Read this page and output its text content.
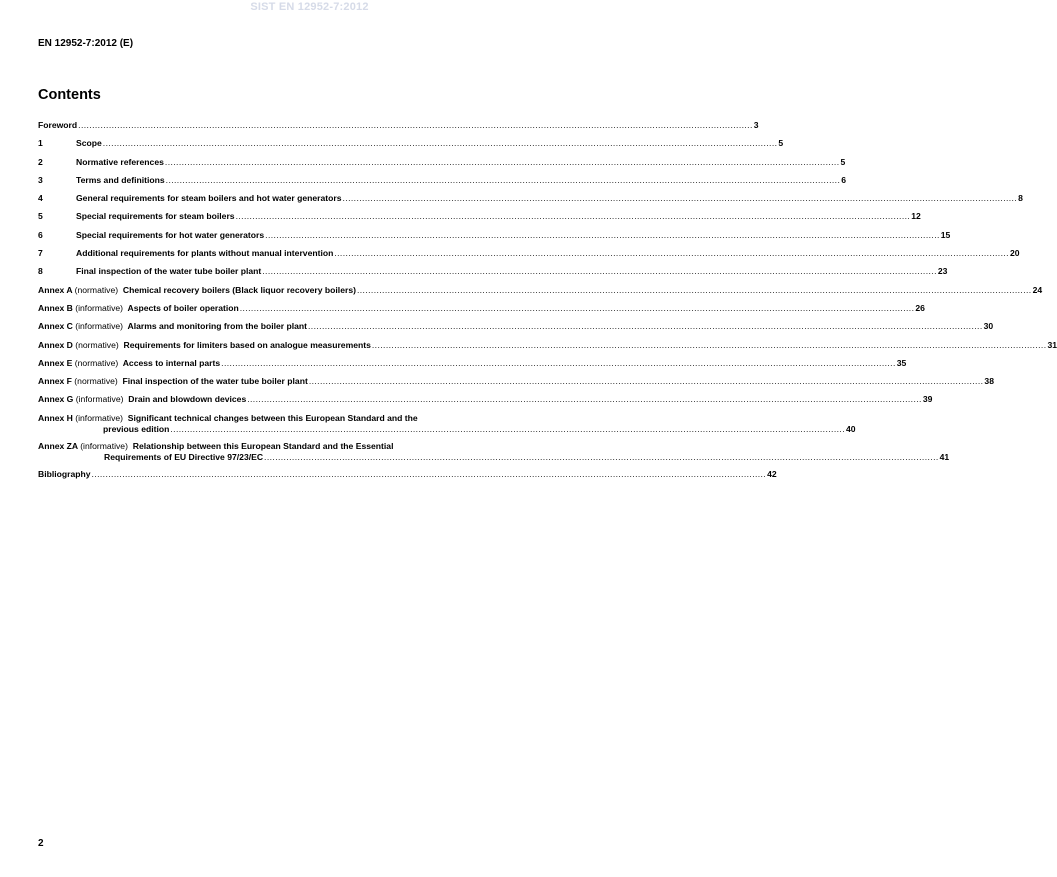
SIST EN 12952-7:2012
EN 12952-7:2012 (E)
Contents
Foreword .....	3
1	Scope .....	5
2	Normative references .....	5
3	Terms and definitions .....	6
4	General requirements for steam boilers and hot water generators .....	8
5	Special requirements for steam boilers .....	12
6	Special requirements for hot water generators .....	15
7	Additional requirements for plants without manual intervention .....	20
8	Final inspection of the water tube boiler plant .....	23
Annex A (normative) Chemical recovery boilers (Black liquor recovery boilers) .....	24
Annex B (informative) Aspects of boiler operation .....	26
Annex C (informative) Alarms and monitoring from the boiler plant .....	30
Annex D (normative) Requirements for limiters based on analogue measurements .....	31
Annex E (normative) Access to internal parts .....	35
Annex F (normative) Final inspection of the water tube boiler plant .....	38
Annex G (informative) Drain and blowdown devices .....	39
Annex H (informative) Significant technical changes between this European Standard and the
previous edition .....	40
Annex ZA (informative) Relationship between this European Standard and the Essential
Requirements of EU Directive 97/23/EC .....	41
Bibliography .....	42
2
